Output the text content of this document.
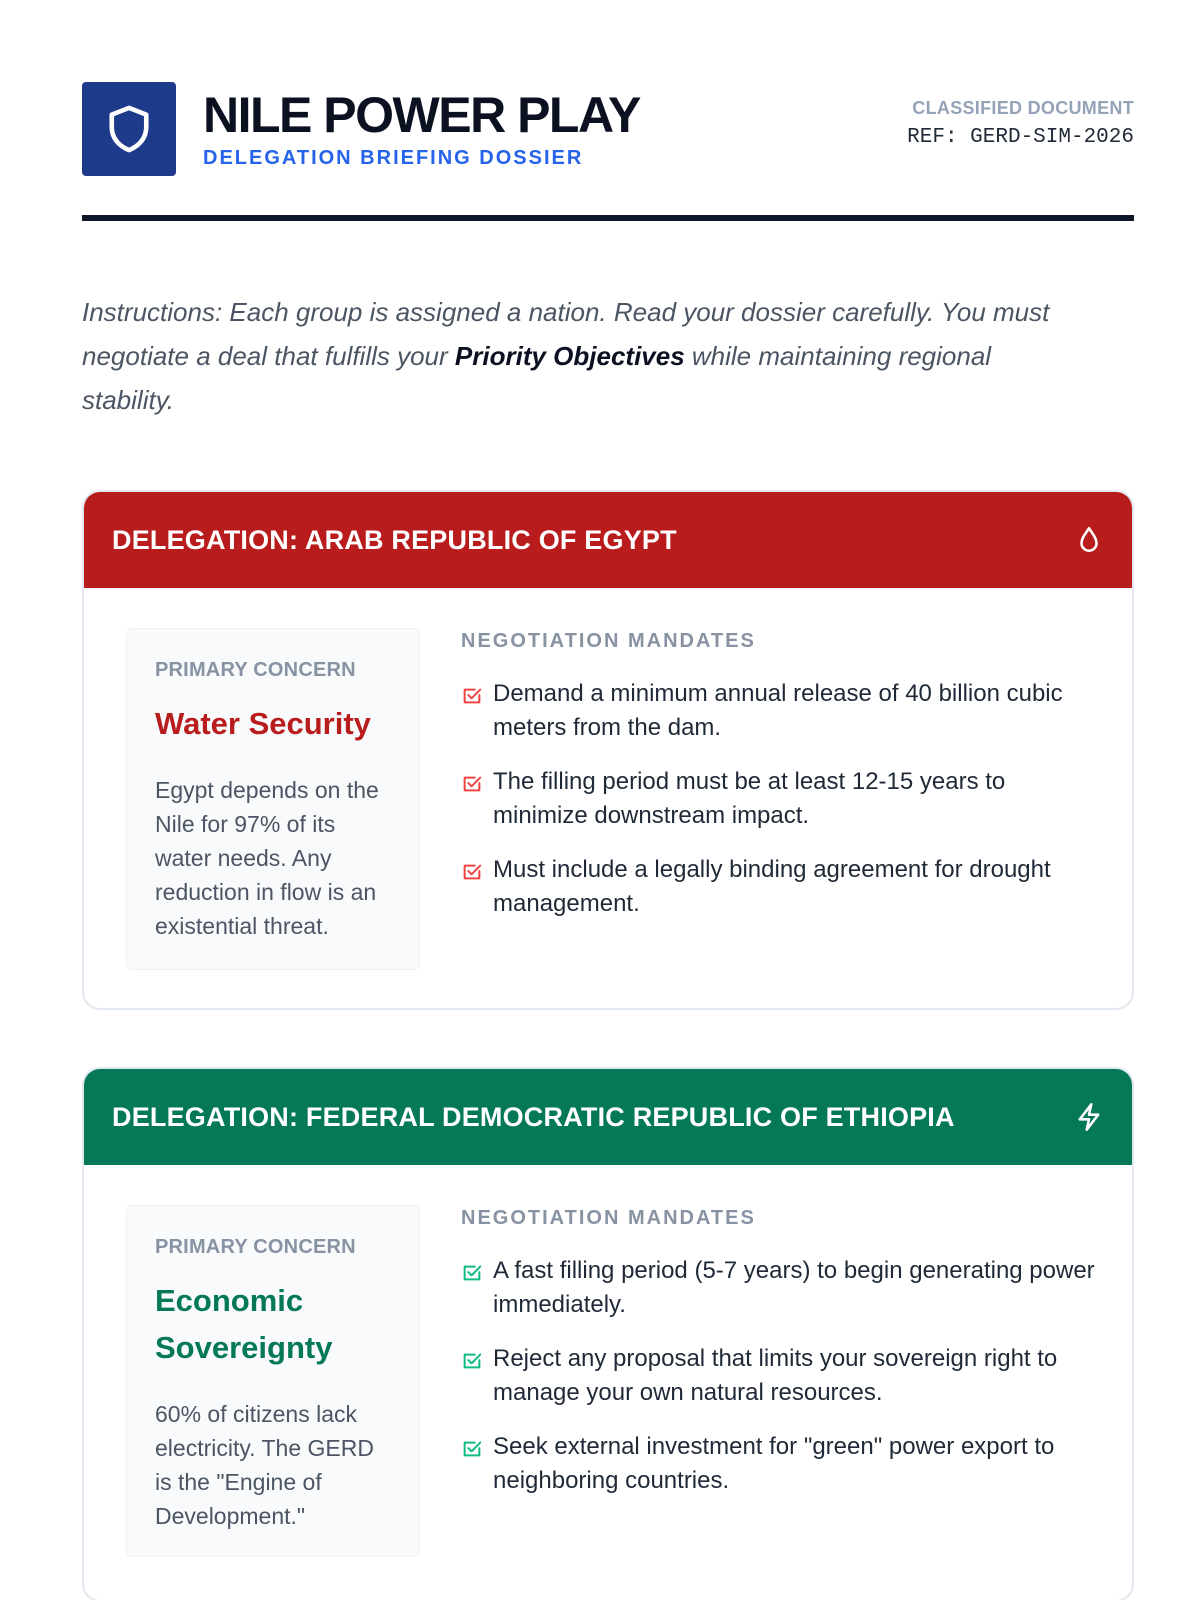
NILE POWER PLAY
DELEGATION BRIEFING DOSSIER
CLASSIFIED DOCUMENT
REF: GERD-SIM-2026

Instructions: Each group is assigned a nation. Read your dossier carefully. You must negotiate a deal that fulfills your Priority Objectives while maintaining regional stability.

DELEGATION: ARAB REPUBLIC OF EGYPT
PRIMARY CONCERN
Water Security
Egypt depends on the Nile for 97% of its water needs. Any reduction in flow is an existential threat.
NEGOTIATION MANDATES
Demand a minimum annual release of 40 billion cubic meters from the dam.
The filling period must be at least 12-15 years to minimize downstream impact.
Must include a legally binding agreement for drought management.
DELEGATION: FEDERAL DEMOCRATIC REPUBLIC OF ETHIOPIA
PRIMARY CONCERN
Economic Sovereignty
60% of citizens lack electricity. The GERD is the "Engine of Development."
NEGOTIATION MANDATES
A fast filling period (5-7 years) to begin generating power immediately.
Reject any proposal that limits your sovereign right to manage your own natural resources.
Seek external investment for "green" power export to neighboring countries.
